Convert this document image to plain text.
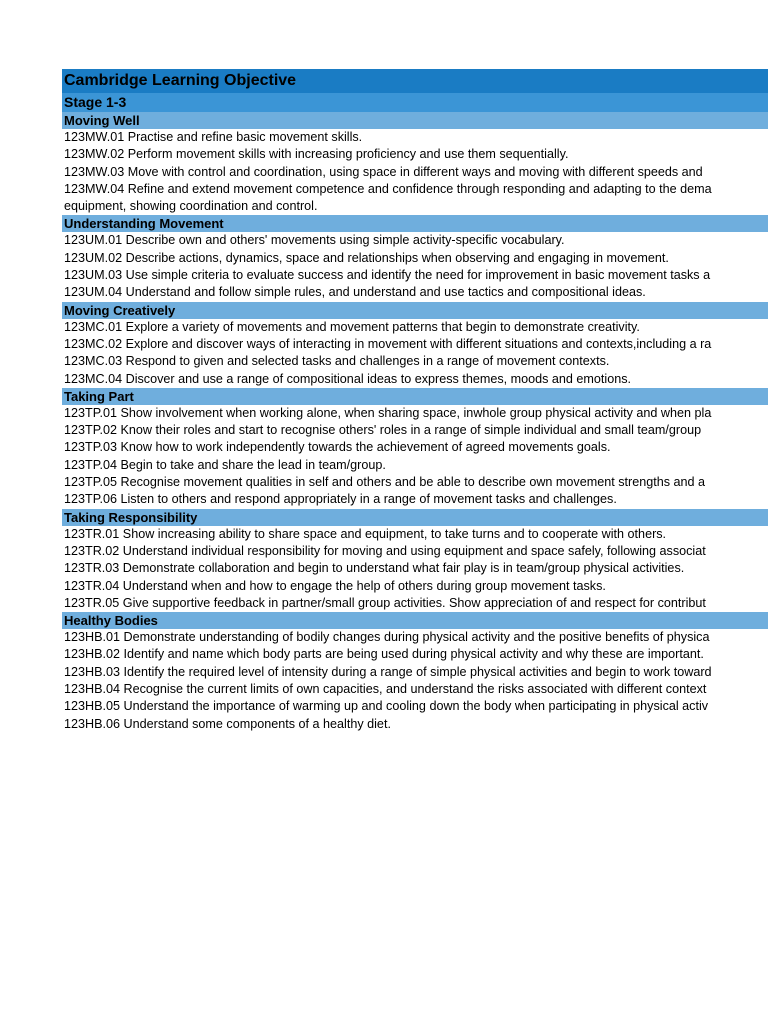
Cambridge Learning Objective
Stage 1-3
Moving Well
123MW.01 Practise and refine basic movement skills.
123MW.02 Perform movement skills with increasing proficiency and use them sequentially.
123MW.03 Move with control and coordination, using space in different ways and moving with different speeds and
123MW.04 Refine and extend movement competence and confidence through responding and adapting to the dema
equipment, showing coordination and control.
Understanding Movement
123UM.01 Describe own and others' movements using simple activity-specific vocabulary.
123UM.02 Describe actions, dynamics, space and relationships when observing and engaging in movement.
123UM.03 Use simple criteria to evaluate success and identify the need for improvement in basic movement tasks a
123UM.04 Understand and follow simple rules, and understand and use tactics and compositional ideas.
Moving Creatively
123MC.01 Explore a variety of movements and movement patterns that begin to demonstrate creativity.
123MC.02 Explore and discover ways of interacting in movement with different situations and contexts,including a ra
123MC.03 Respond to given and selected tasks and challenges in a range of movement contexts.
123MC.04 Discover and use a range of compositional ideas to express themes, moods and emotions.
Taking Part
123TP.01 Show involvement when working alone, when sharing space, inwhole group physical activity and when pla
123TP.02 Know their roles and start to recognise others' roles in a range of simple individual and small team/group
123TP.03 Know how to work independently towards the achievement of agreed movements goals.
123TP.04 Begin to take and share the lead in team/group.
123TP.05 Recognise movement qualities in self and others and be able to describe own movement strengths and a
123TP.06 Listen to others and respond appropriately in a range of movement tasks and challenges.
Taking Responsibility
123TR.01 Show increasing ability to share space and equipment, to take turns and to cooperate with others.
123TR.02 Understand individual responsibility for moving and using equipment and space safely, following associat
123TR.03 Demonstrate collaboration and begin to understand what fair play is in team/group physical activities.
123TR.04 Understand when and how to engage the help of others during group movement tasks.
123TR.05 Give supportive feedback in partner/small group activities. Show appreciation of and respect for contribut
Healthy Bodies
123HB.01 Demonstrate understanding of bodily changes during physical activity and the positive benefits of physica
123HB.02 Identify and name which body parts are being used during physical activity and why these are important.
123HB.03 Identify the required level of intensity during a range of simple physical activities and begin to work toward
123HB.04 Recognise the current limits of own capacities, and understand the risks associated with different context
123HB.05 Understand the importance of warming up and cooling down the body when participating in physical activ
123HB.06 Understand some components of a healthy diet.
